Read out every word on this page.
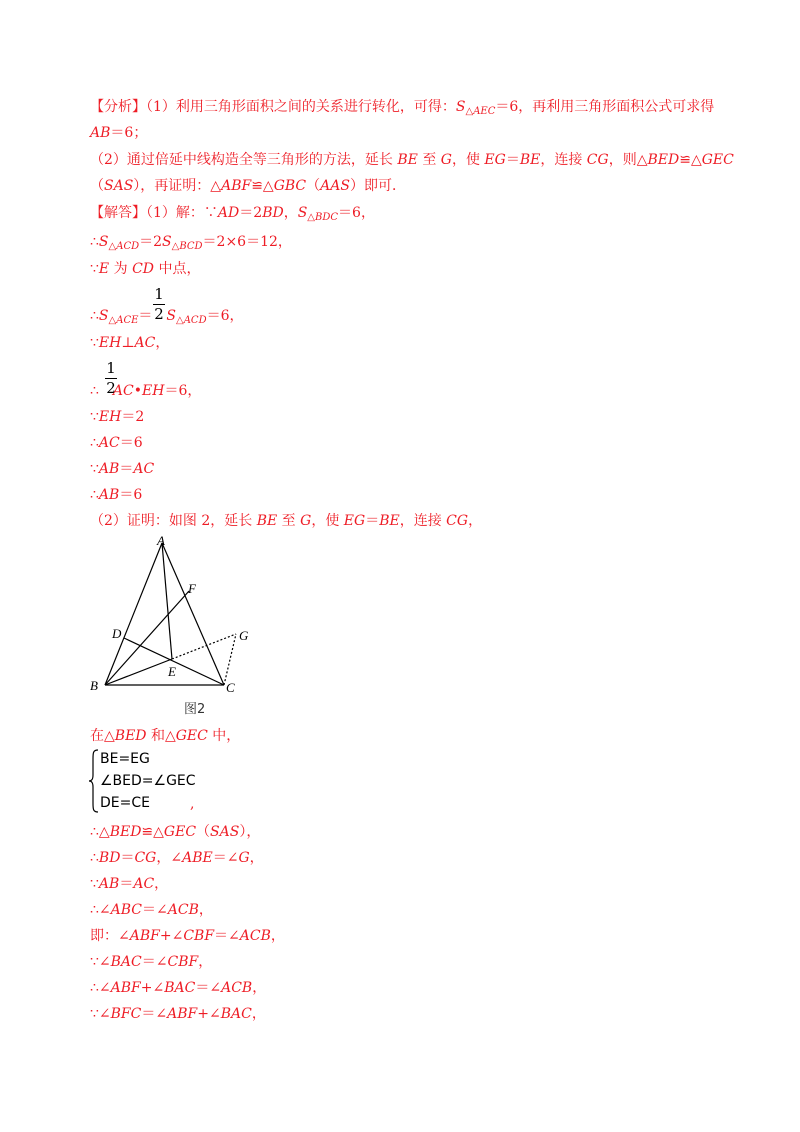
【分析】（1）利用三角形面积之间的关系进行转化，可得：$S_{\triangle AEC}=6$，再利用三角形面积公式可求得
AB＝6；
（2）通过倍延中线构造全等三角形的方法，延长 BE 至 G，使 EG＝BE，连接 CG，则△BED≌△GEC
（SAS），再证明：△ABF≌△GBC（AAS）即可．
【解答】（1）解：∵AD＝2BD，$S_{\triangle BDC}=6$，
$\therefore S_{\triangle ACD}=2S_{\triangle BCD}=2\times 6=12$，
∵E 为 CD 中点，
$\therefore S_{\triangle ACE}= S_{\triangle ACD}=6$，
1
2
∵EH⊥AC，
1
2
∴ AC•EH＝6，
∵EH＝2
∴AC＝6
∵AB＝AC
∴AB＝6
（2）证明：如图 2，延长 BE 至 G，使 EG＝BE，连接 CG，
A
B	C
D
E
F
G
图2
在△BED 和△GEC 中，
BE=EG
∠BED=∠GEC
DE=CE	,
∴△BED≌△GEC（SAS），
∴BD＝CG，∠ABE＝∠G，
∵AB＝AC，
∴∠ABC＝∠ACB，
即：∠ABF+∠CBF＝∠ACB，
∵∠BAC＝∠CBF，
∴∠ABF+∠BAC＝∠ACB，
∵∠BFC＝∠ABF+∠BAC，
